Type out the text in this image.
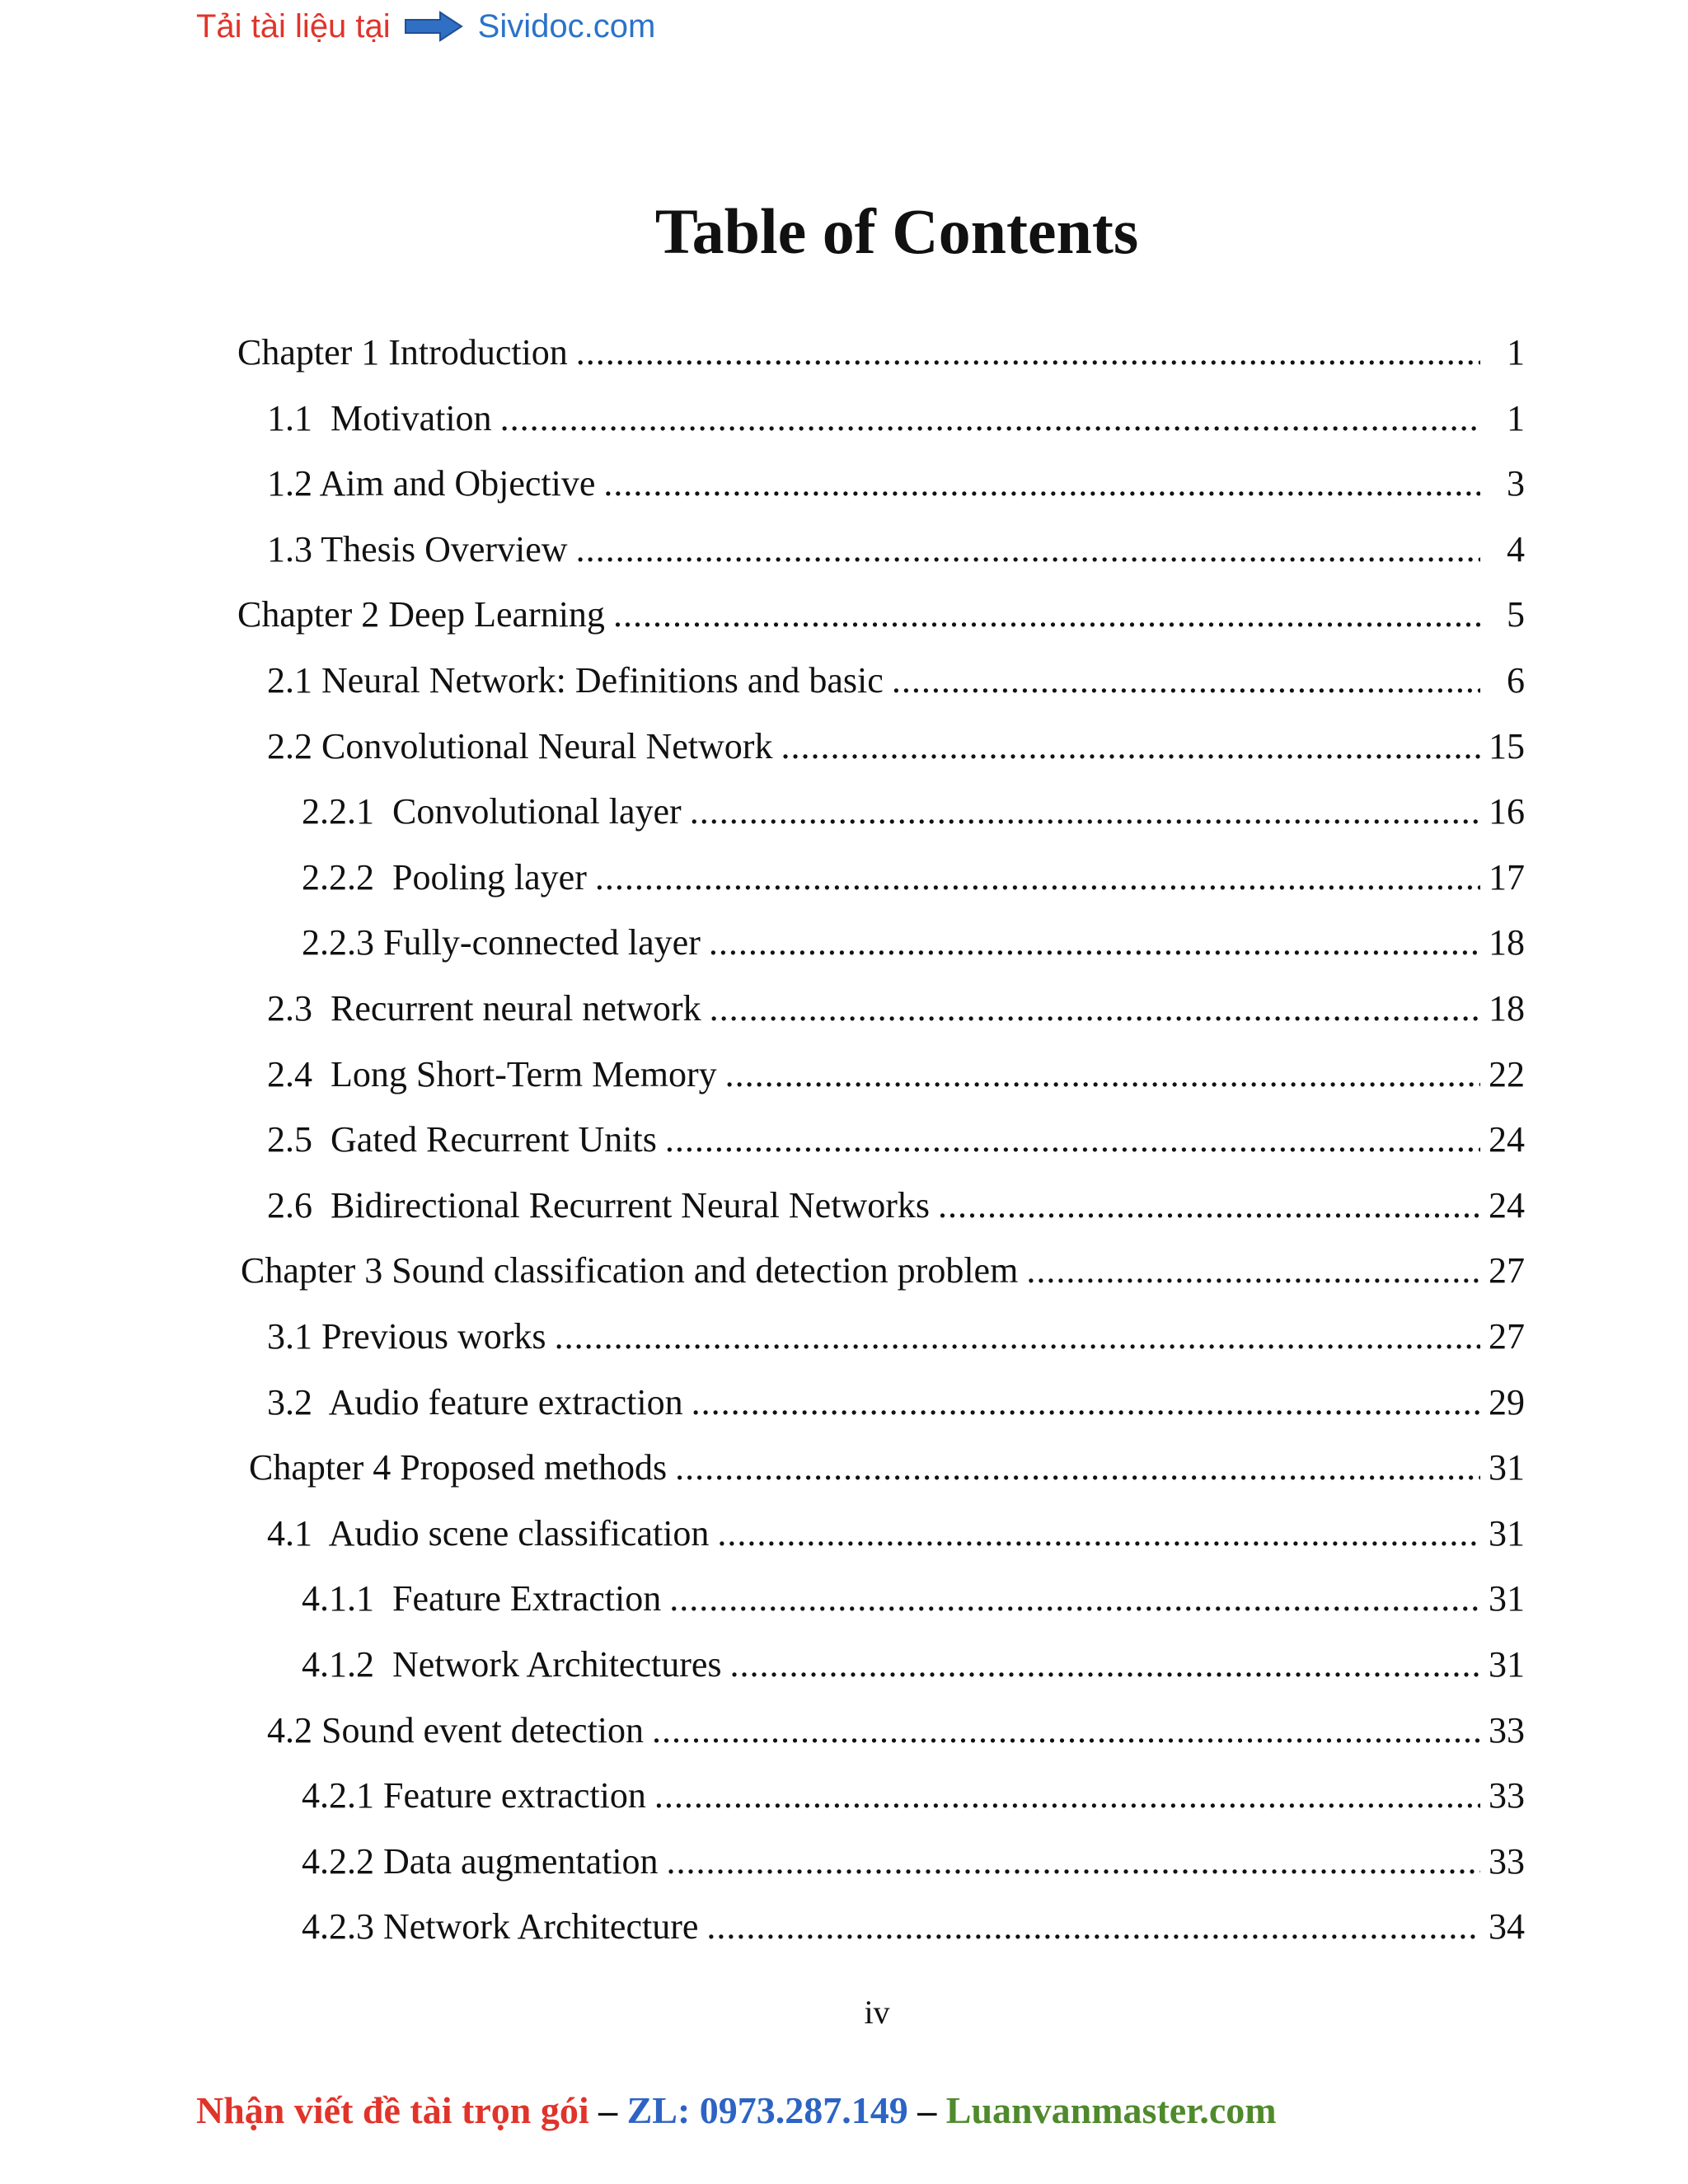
Tải tài liệu tại	Sividoc.com
Table of Contents
Chapter 1 Introduction .....	1
1.1  Motivation .....	1
1.2 Aim and Objective .....	3
1.3 Thesis Overview .....	4
Chapter 2 Deep Learning .....	5
2.1 Neural Network: Definitions and basic .....	6
2.2 Convolutional Neural Network .....	15
2.2.1  Convolutional layer .....	16
2.2.2  Pooling layer .....	17
2.2.3 Fully-connected layer .....	18
2.3  Recurrent neural network .....	18
2.4  Long Short-Term Memory .....	22
2.5  Gated Recurrent Units .....	24
2.6  Bidirectional Recurrent Neural Networks .....	24
Chapter 3 Sound classification and detection problem .....	27
3.1 Previous works .....	27
3.2  Audio feature extraction .....	29
Chapter 4 Proposed methods .....	31
4.1  Audio scene classification .....	31
4.1.1  Feature Extraction .....	31
4.1.2  Network Architectures .....	31
4.2 Sound event detection .....	33
4.2.1 Feature extraction .....	33
4.2.2 Data augmentation .....	33
4.2.3 Network Architecture .....	34
iv
Nhận viết đề tài trọn gói – ZL: 0973.287.149 – Luanvanmaster.com
